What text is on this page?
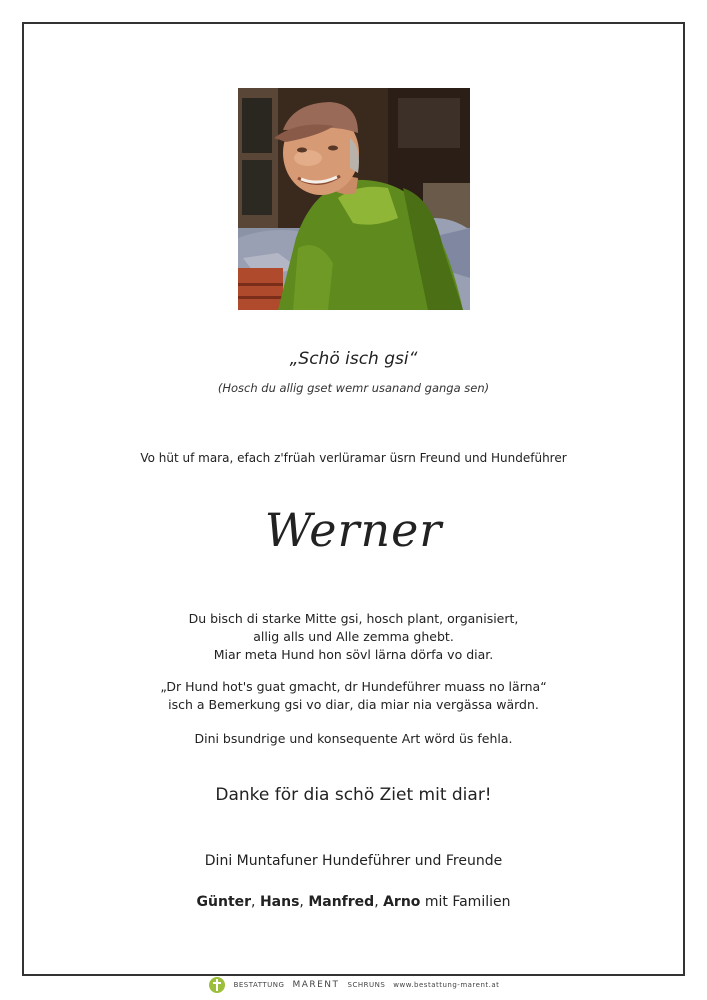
„Schö isch gsi“
(Hosch du allig gset wemr usanand ganga sen)
Vo hüt uf mara, efach z'früah verlüramar üsrn Freund und Hundeführer
Werner
Du bisch di starke Mitte gsi, hosch plant, organisiert,
allig alls und Alle zemma ghebt.
Miar meta Hund hon sövl lärna dörfa vo diar.
„Dr Hund hot's guat gmacht, dr Hundeführer muass no lärna“
isch a Bemerkung gsi vo diar, dia miar nia vergässa wärdn.
Dini bsundrige und konsequente Art wörd üs fehla.
Danke för dia schö Ziet mit diar!
Dini Muntafuner Hundeführer und Freunde
Günter, Hans, Manfred, Arno mit Familien
BESTATTUNG MARENT SCHRUNS www.bestattung-marent.at
